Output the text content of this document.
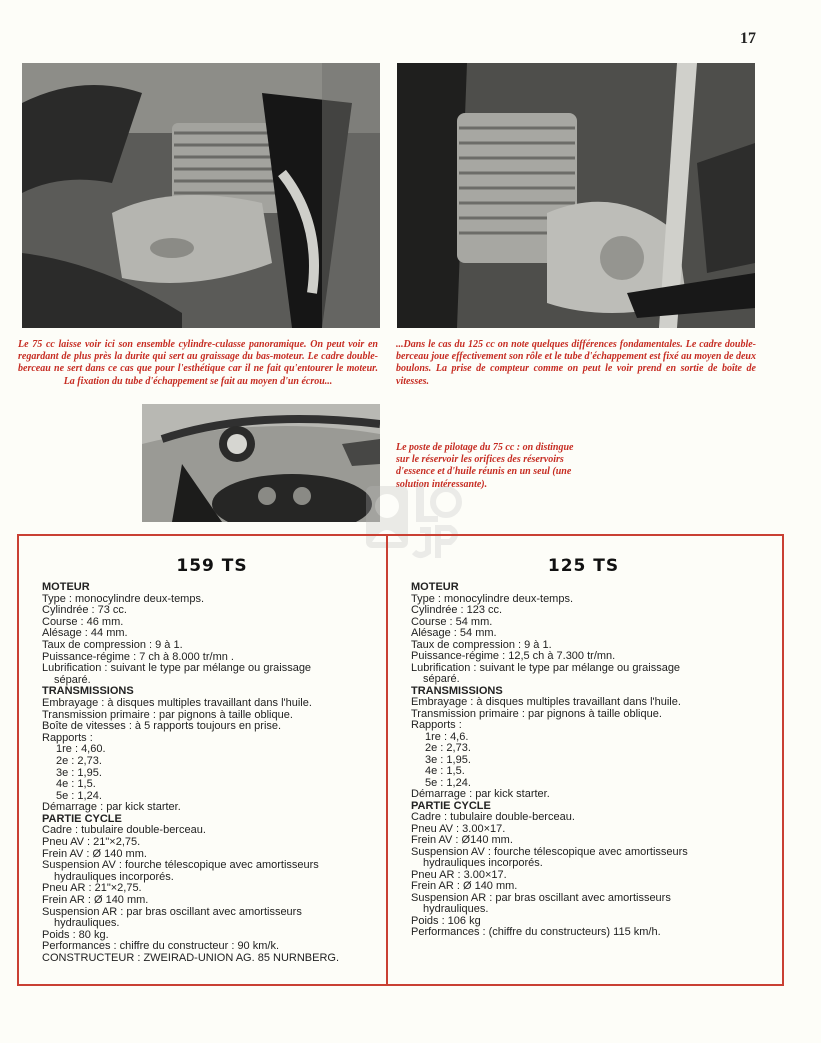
17

Le 75 cc laisse voir ici son ensemble cylindre-culasse panoramique. On peut voir en regardant de plus près la durite qui sert au graissage du bas-moteur. Le cadre double-berceau ne sert dans ce cas que pour l'esthétique car il ne fait qu'entourer le moteur. La fixation du tube d'échappement se fait au moyen d'un écrou...

...Dans le cas du 125 cc on note quelques différences fondamentales. Le cadre double-berceau joue effectivement son rôle et le tube d'échappement est fixé au moyen de deux boulons. La prise de compteur comme on peut le voir prend en sortie de boîte de vitesses.

Le poste de pilotage du 75 cc : on distingue sur le réservoir les orifices des réservoirs d'essence et d'huile réunis en un seul (une solution intéressante).

159 TS
MOTEUR
Type : monocylindre deux-temps.
Cylindrée : 73 cc.
Course : 46 mm.
Alésage : 44 mm.
Taux de compression : 9 à 1.
Puissance-régime : 7 ch à 8.000 tr/mn .
Lubrification : suivant le type par mélange ou graissage
séparé.
TRANSMISSIONS
Embrayage : à disques multiples travaillant dans l'huile.
Transmission primaire : par pignons à taille oblique.
Boîte de vitesses : à 5 rapports toujours en prise.
Rapports :
1re : 4,60.
2e : 2,73.
3e : 1,95.
4e : 1,5.
5e : 1,24.
Démarrage : par kick starter.
PARTIE CYCLE
Cadre : tubulaire double-berceau.
Pneu AV : 21"×2,75.
Frein AV : Ø 140 mm.
Suspension AV : fourche télescopique avec amortisseurs
hydrauliques incorporés.
Pneu AR : 21"×2,75.
Frein AR : Ø 140 mm.
Suspension AR : par bras oscillant avec amortisseurs
hydrauliques.
Poids : 80 kg.
Performances : chiffre du constructeur : 90 km/k.
CONSTRUCTEUR : ZWEIRAD-UNION AG. 85 NURNBERG.
125 TS
MOTEUR
Type : monocylindre deux-temps.
Cylindrée : 123 cc.
Course : 54 mm.
Alésage : 54 mm.
Taux de compression : 9 à 1.
Puissance-régime : 12,5 ch à 7.300 tr/mn.
Lubrification : suivant le type par mélange ou graissage
séparé.
TRANSMISSIONS
Embrayage : à disques multiples travaillant dans l'huile.
Transmission primaire : par pignons à taille oblique.
Rapports :
1re : 4,6.
2e : 2,73.
3e : 1,95.
4e : 1,5.
5e : 1,24.
Démarrage : par kick starter.
PARTIE CYCLE
Cadre : tubulaire double-berceau.
Pneu AV : 3.00×17.
Frein AV : Ø140 mm.
Suspension AV : fourche télescopique avec amortisseurs
hydrauliques incorporés.
Pneu AR : 3.00×17.
Frein AR : Ø 140 mm.
Suspension AR : par bras oscillant avec amortisseurs
hydrauliques.
Poids : 106 kg
Performances : (chiffre du constructeurs) 115 km/h.
